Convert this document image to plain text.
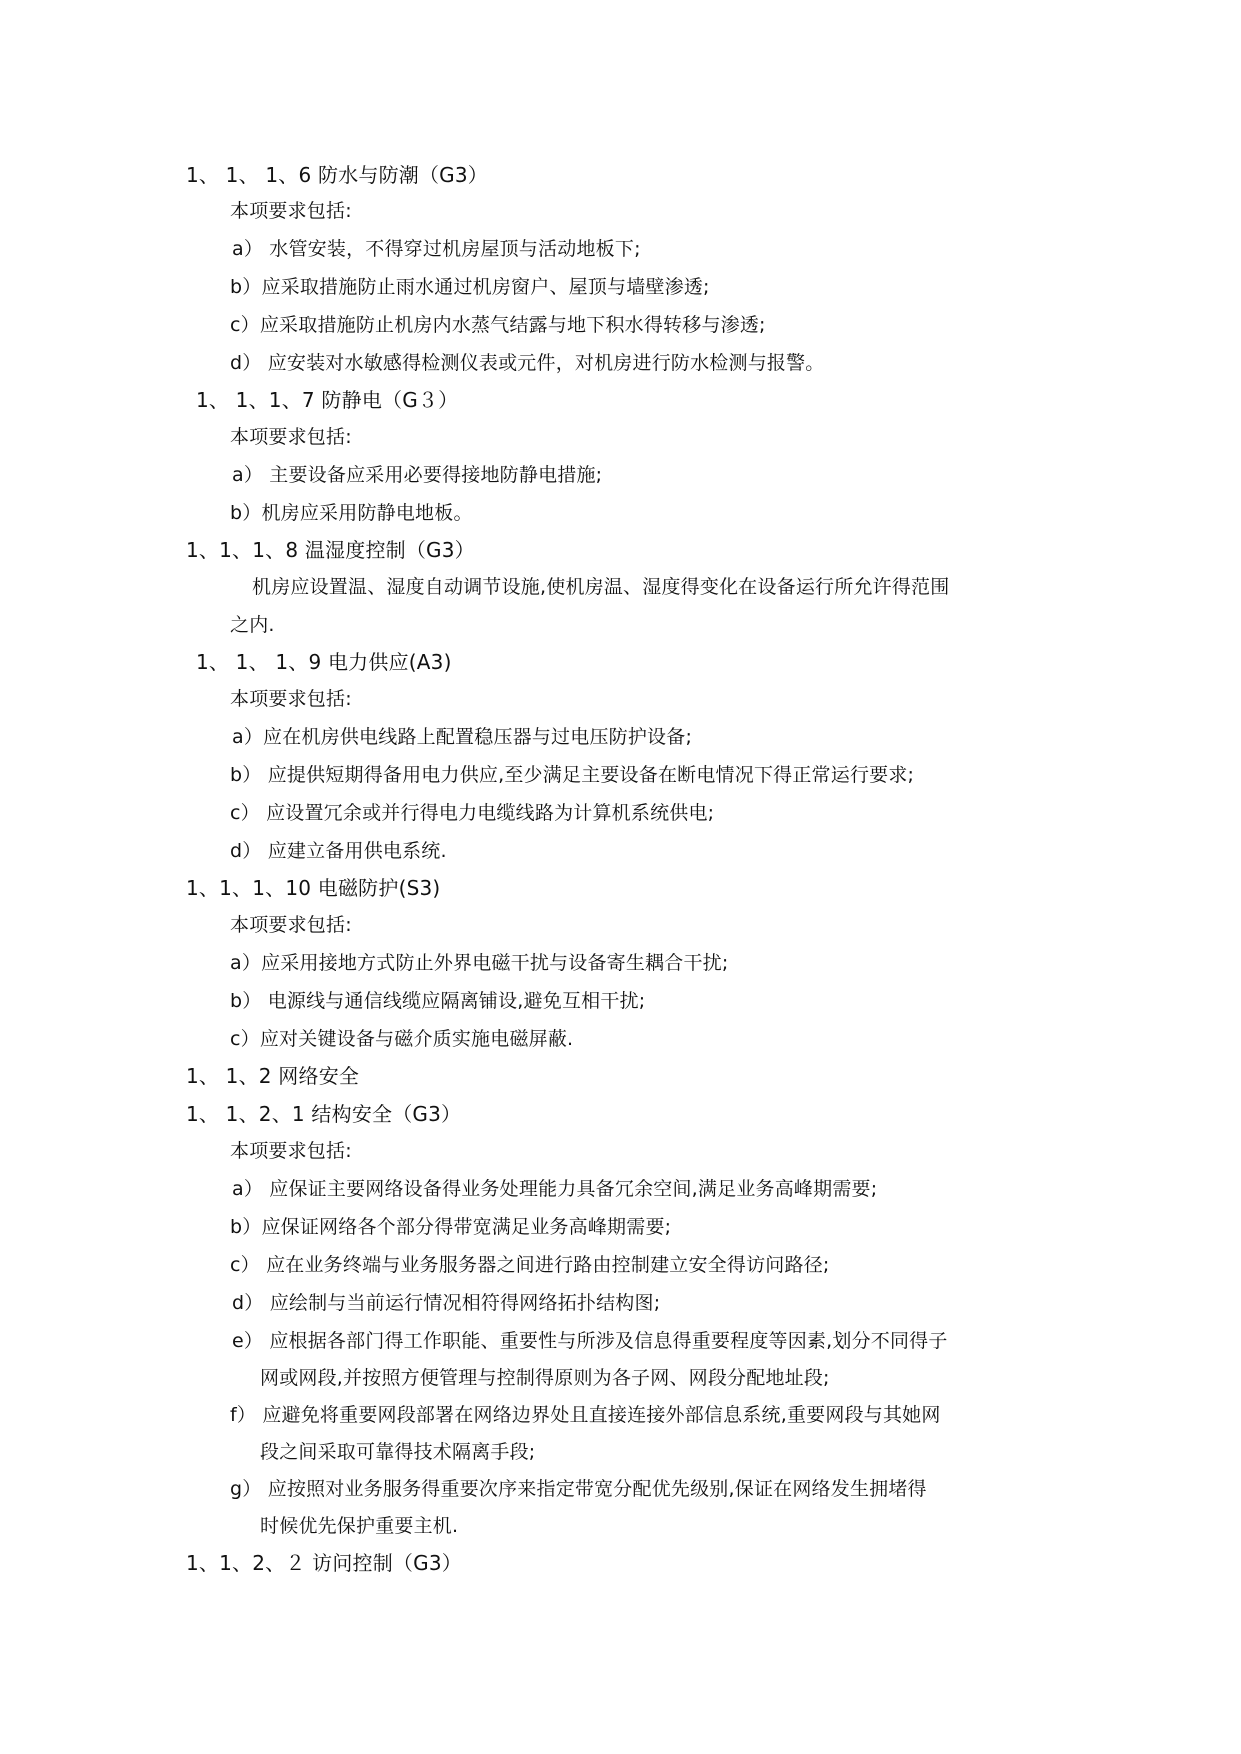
1、 1、 1、6 防水与防潮（G3）
本项要求包括:
a） 水管安装，不得穿过机房屋顶与活动地板下;
b）应采取措施防止雨水通过机房窗户、屋顶与墙壁渗透;
c）应采取措施防止机房内水蒸气结露与地下积水得转移与渗透;
d） 应安装对水敏感得检测仪表或元件，对机房进行防水检测与报警。
1、 1、1、7 防静电（G３）
本项要求包括:
a） 主要设备应采用必要得接地防静电措施;
b）机房应采用防静电地板。
1、1、1、8 温湿度控制（G3）
机房应设置温、湿度自动调节设施,使机房温、湿度得变化在设备运行所允许得范围
之内.
1、 1、 1、9 电力供应(A3)
本项要求包括:
a）应在机房供电线路上配置稳压器与过电压防护设备;
b） 应提供短期得备用电力供应,至少满足主要设备在断电情况下得正常运行要求;
c） 应设置冗余或并行得电力电缆线路为计算机系统供电;
d） 应建立备用供电系统.
1、1、1、10 电磁防护(S3)
本项要求包括:
a）应采用接地方式防止外界电磁干扰与设备寄生耦合干扰;
b） 电源线与通信线缆应隔离铺设,避免互相干扰;
c）应对关键设备与磁介质实施电磁屏蔽.
1、 1、2 网络安全
1、 1、2、1 结构安全（G3）
本项要求包括:
a） 应保证主要网络设备得业务处理能力具备冗余空间,满足业务高峰期需要;
b）应保证网络各个部分得带宽满足业务高峰期需要;
c） 应在业务终端与业务服务器之间进行路由控制建立安全得访问路径;
d） 应绘制与当前运行情况相符得网络拓扑结构图;
e） 应根据各部门得工作职能、重要性与所涉及信息得重要程度等因素,划分不同得子
网或网段,并按照方便管理与控制得原则为各子网、网段分配地址段;
f） 应避免将重要网段部署在网络边界处且直接连接外部信息系统,重要网段与其她网
段之间采取可靠得技术隔离手段;
g） 应按照对业务服务得重要次序来指定带宽分配优先级别,保证在网络发生拥堵得
时候优先保护重要主机.
1、1、2、２ 访问控制（G3）
